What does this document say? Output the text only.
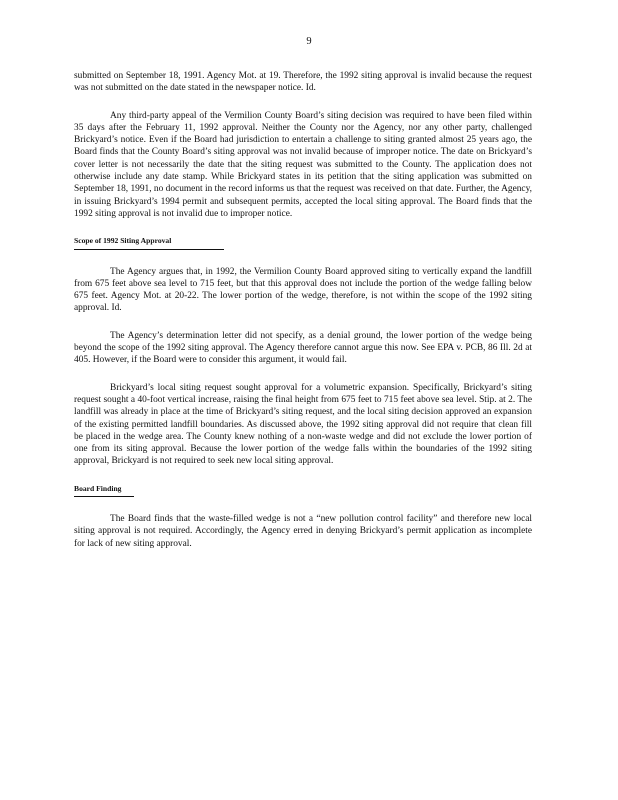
9

submitted on September 18, 1991. Agency Mot. at 19. Therefore, the 1992 siting approval is invalid because the request was not submitted on the date stated in the newspaper notice. Id.

Any third-party appeal of the Vermilion County Board’s siting decision was required to have been filed within 35 days after the February 11, 1992 approval. Neither the County nor the Agency, nor any other party, challenged Brickyard’s notice. Even if the Board had jurisdiction to entertain a challenge to siting granted almost 25 years ago, the Board finds that the County Board’s siting approval was not invalid because of improper notice. The date on Brickyard’s cover letter is not necessarily the date that the siting request was submitted to the County. The application does not otherwise include any date stamp. While Brickyard states in its petition that the siting application was submitted on September 18, 1991, no document in the record informs us that the request was received on that date. Further, the Agency, in issuing Brickyard’s 1994 permit and subsequent permits, accepted the local siting approval. The Board finds that the 1992 siting approval is not invalid due to improper notice.

Scope of 1992 Siting Approval

The Agency argues that, in 1992, the Vermilion County Board approved siting to vertically expand the landfill from 675 feet above sea level to 715 feet, but that this approval does not include the portion of the wedge falling below 675 feet. Agency Mot. at 20-22. The lower portion of the wedge, therefore, is not within the scope of the 1992 siting approval. Id.

The Agency’s determination letter did not specify, as a denial ground, the lower portion of the wedge being beyond the scope of the 1992 siting approval. The Agency therefore cannot argue this now. See EPA v. PCB, 86 Ill. 2d at 405. However, if the Board were to consider this argument, it would fail.

Brickyard’s local siting request sought approval for a volumetric expansion. Specifically, Brickyard’s siting request sought a 40-foot vertical increase, raising the final height from 675 feet to 715 feet above sea level. Stip. at 2. The landfill was already in place at the time of Brickyard’s siting request, and the local siting decision approved an expansion of the existing permitted landfill boundaries. As discussed above, the 1992 siting approval did not require that clean fill be placed in the wedge area. The County knew nothing of a non-waste wedge and did not exclude the lower portion of one from its siting approval. Because the lower portion of the wedge falls within the boundaries of the 1992 siting approval, Brickyard is not required to seek new local siting approval.

Board Finding

The Board finds that the waste-filled wedge is not a “new pollution control facility” and therefore new local siting approval is not required. Accordingly, the Agency erred in denying Brickyard’s permit application as incomplete for lack of new siting approval.
